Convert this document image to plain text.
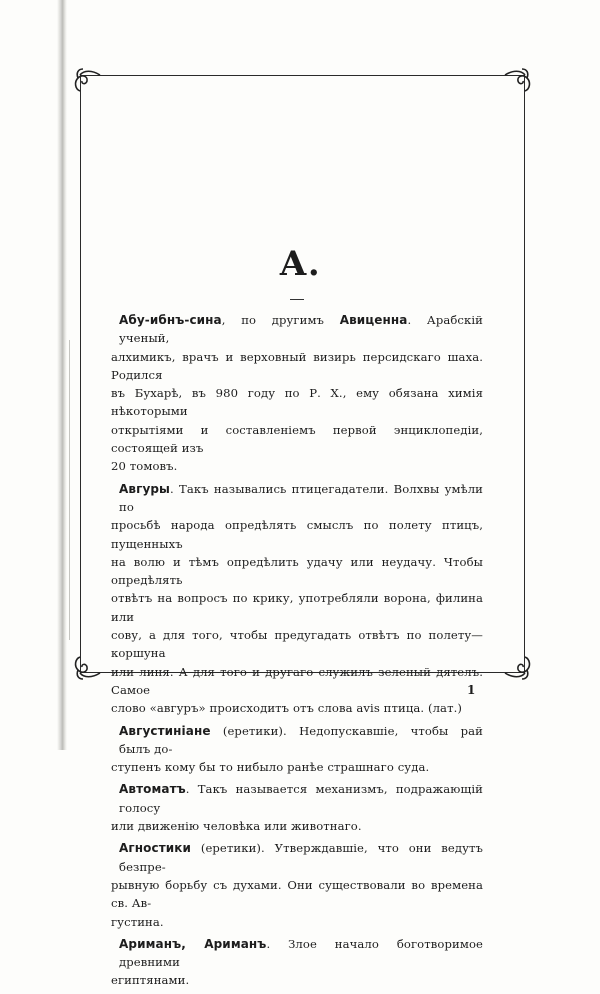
А.
Абу-ибнъ-сина, по другимъ Авиценна. Арабскій ученый,
алхимикъ, врачъ и верховный визирь персидскаго шаха. Родился
въ Бухарѣ, въ 980 году по Р. Х., ему обязана химія нѣкоторыми
открытіями и составленіемъ первой энциклопедіи, состоящей изъ
20 томовъ.
Авгуры. Такъ назывались птицегадатели. Волхвы умѣли по
просьбѣ народа опредѣлять смыслъ по полету птицъ, пущенныхъ
на волю и тѣмъ опредѣлить удачу или неудачу. Чтобы опредѣлять
отвѣтъ на вопросъ по крику, употребляли ворона, филина или
сову, а для того, чтобы предугадать отвѣтъ по полету—коршуна
или линя. А для того и другаго служилъ зеленый дятелъ. Самое
слово «авгуръ» происходитъ отъ слова avis птица. (лат.)
Августиніане (еретики). Недопускавшіе, чтобы рай былъ до-
ступенъ кому бы то нибыло ранѣе страшнаго суда.
Автоматъ. Такъ называется механизмъ, подражающій голосу
или движенію человѣка или животнаго.
Агностики (еретики). Утверждавшіе, что они ведутъ безпре-
рывную борьбу съ духами. Они существовали во времена св. Ав-
густина.
Ариманъ, Ариманъ. Злое начало боготворимое древними
египтянами.
1
